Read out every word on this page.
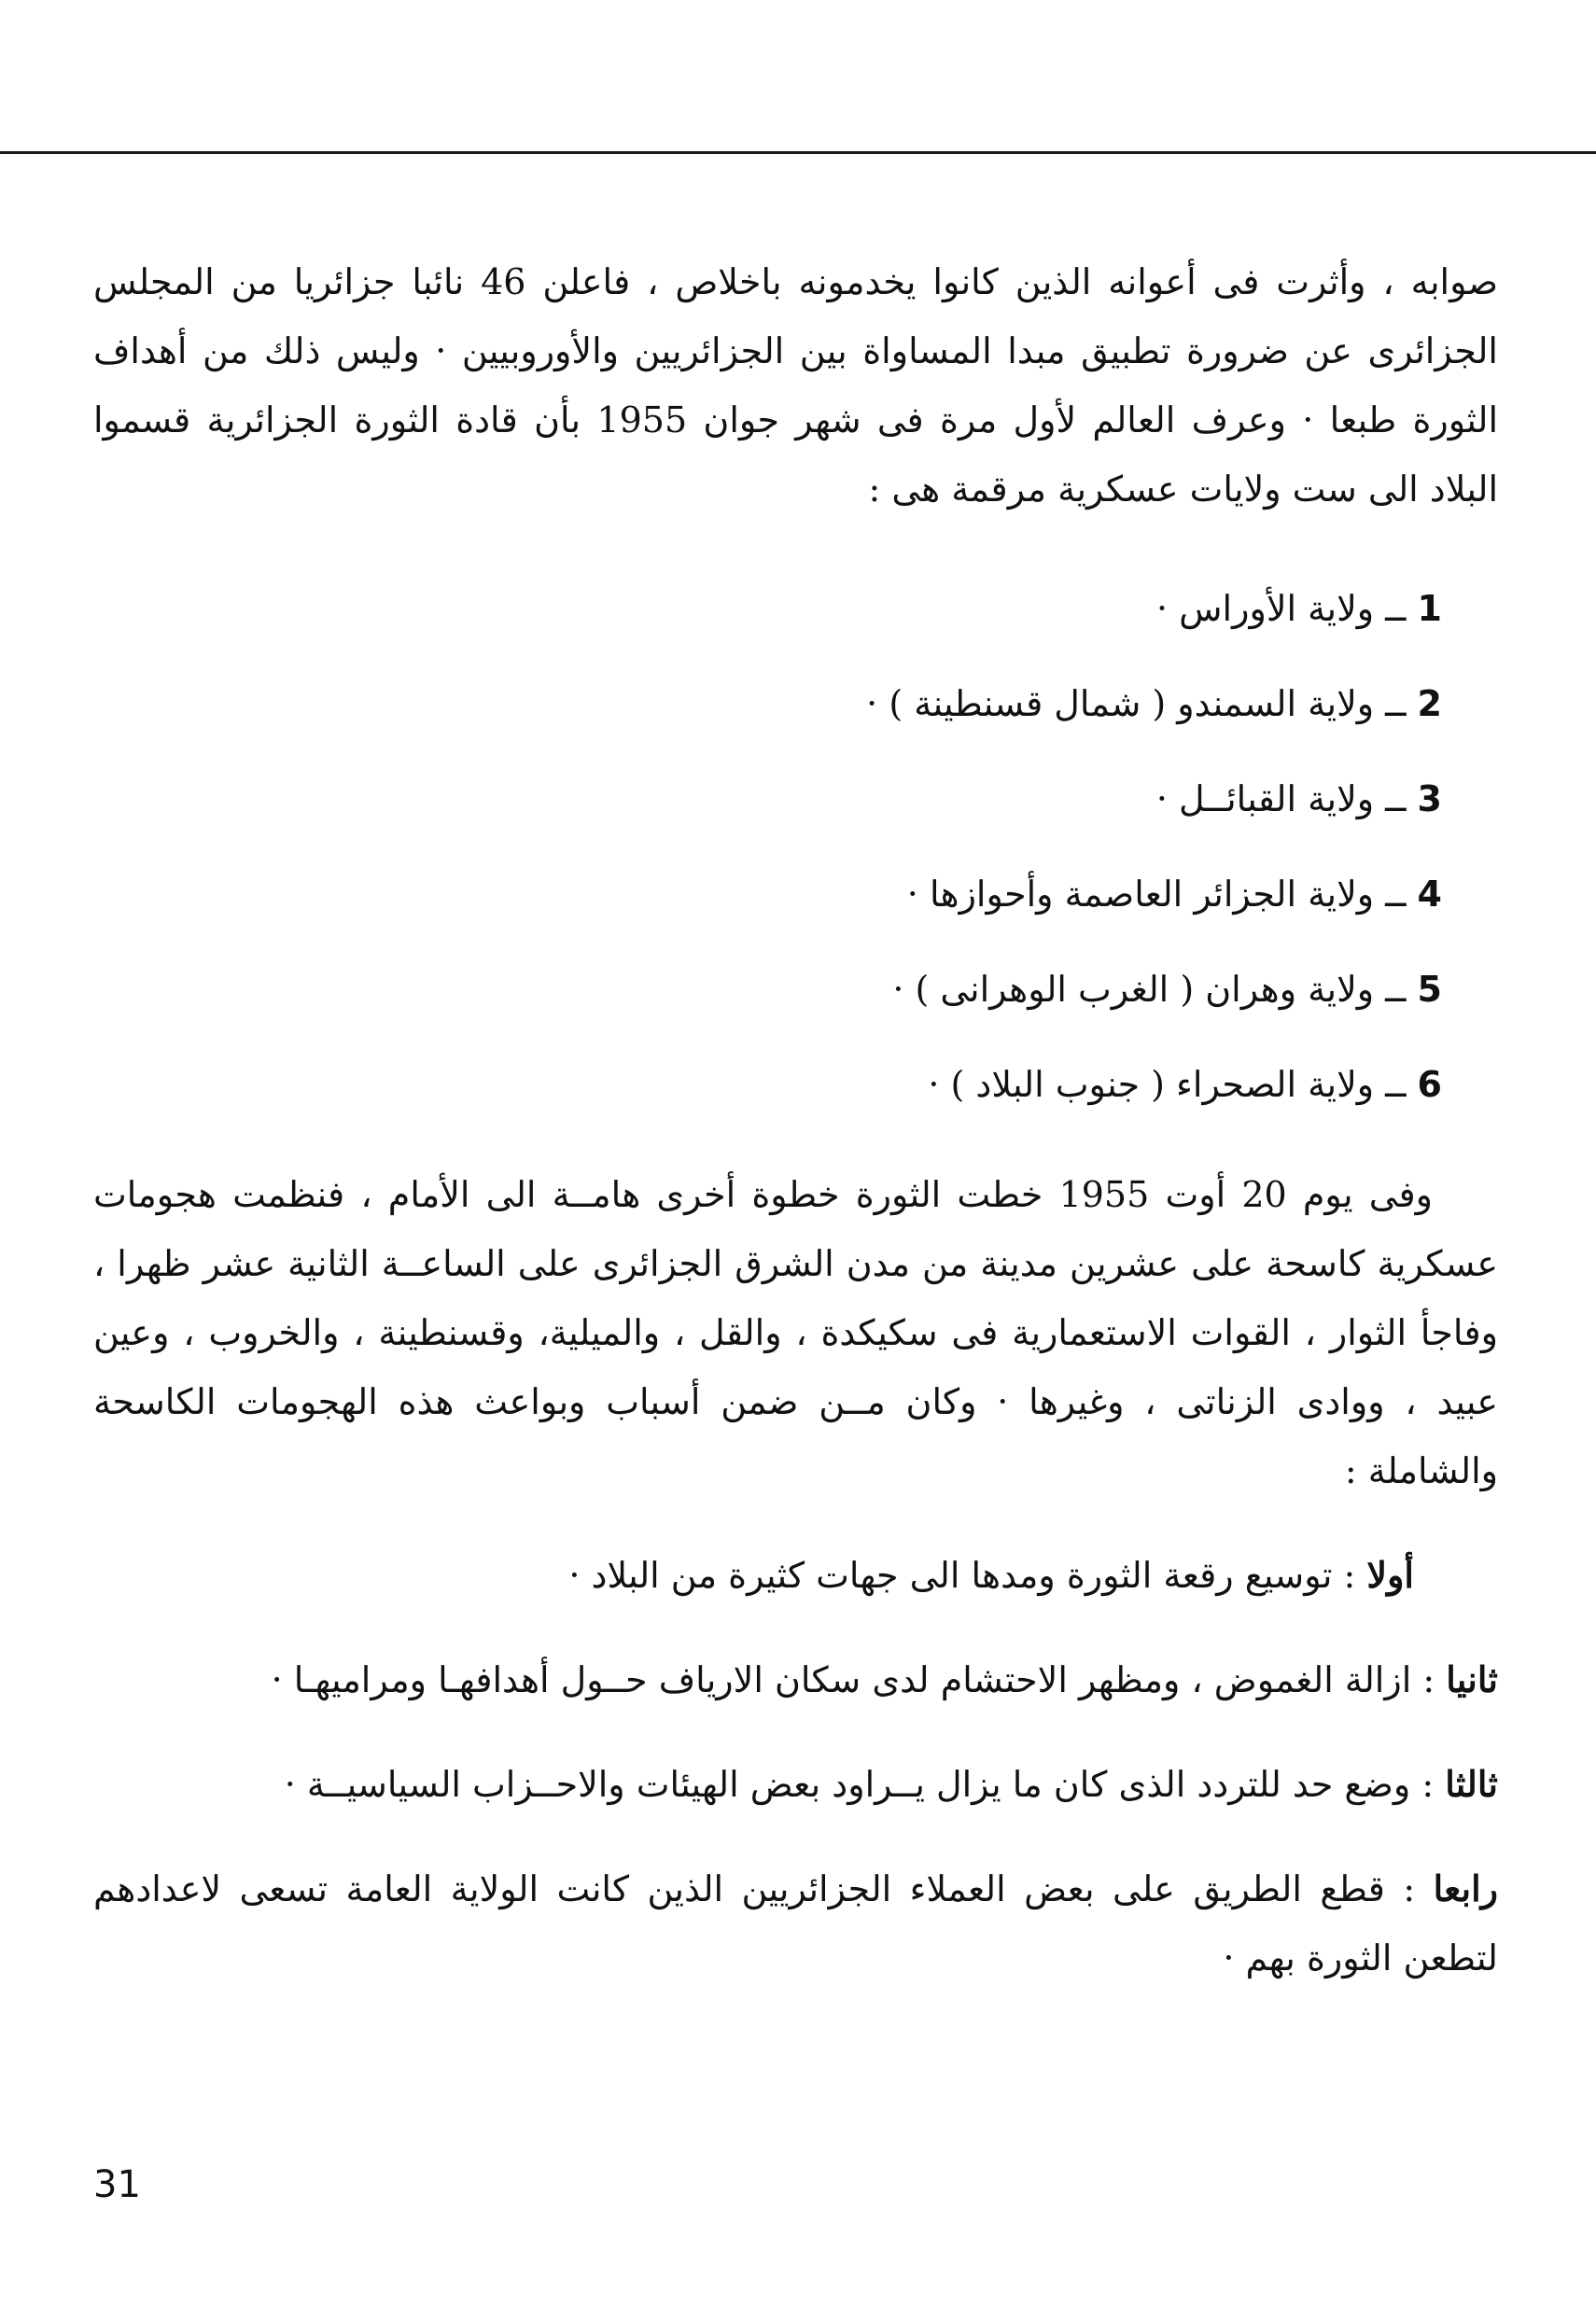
صوابه ، وأثرت فى أعوانه الذين كانوا يخدمونه باخلاص ، فاعلن 46 نائبا جزائريا من المجلس الجزائرى عن ضرورة تطبيق مبدا المساواة بين الجزائريين والأوروبيين · وليس ذلك من أهداف الثورة طبعا · وعرف العالم لأول مرة فى شهر جوان 1955 بأن قادة الثورة الجزائرية قسموا البلاد الى ست ولايات عسكرية مرقمة هى :

1 ــ ولاية الأوراس ·
2 ــ ولاية السمندو ( شمال قسنطينة ) ·
3 ــ ولاية القبائــل ·
4 ــ ولاية الجزائر العاصمة وأحوازها ·
5 ــ ولاية وهران ( الغرب الوهرانى ) ·
6 ــ ولاية الصحراء ( جنوب البلاد ) ·

وفى يوم 20 أوت 1955 خطت الثورة خطوة أخرى هامــة الى الأمام ، فنظمت هجومات عسكرية كاسحة على عشرين مدينة من مدن الشرق الجزائرى على الساعــة الثانية عشر ظهرا ، وفاجأ الثوار ، القوات الاستعمارية فى سكيكدة ، والقل ، والميلية، وقسنطينة ، والخروب ، وعين عبيد ، ووادى الزناتى ، وغيرها · وكان مــن ضمن أسباب وبواعث هذه الهجومات الكاسحة والشاملة :

أولا : توسيع رقعة الثورة ومدها الى جهات كثيرة من البلاد ·

ثانيا : ازالة الغموض ، ومظهر الاحتشام لدى سكان الارياف حــول أهدافهـا ومراميهـا ·

ثالثا : وضع حد للتردد الذى كان ما يزال يــراود بعض الهيئات والاحــزاب السياسيــة ·

رابعا : قطع الطريق على بعض العملاء الجزائريين الذين كانت الولاية العامة تسعى لاعدادهم لتطعن الثورة بهم ·

31
